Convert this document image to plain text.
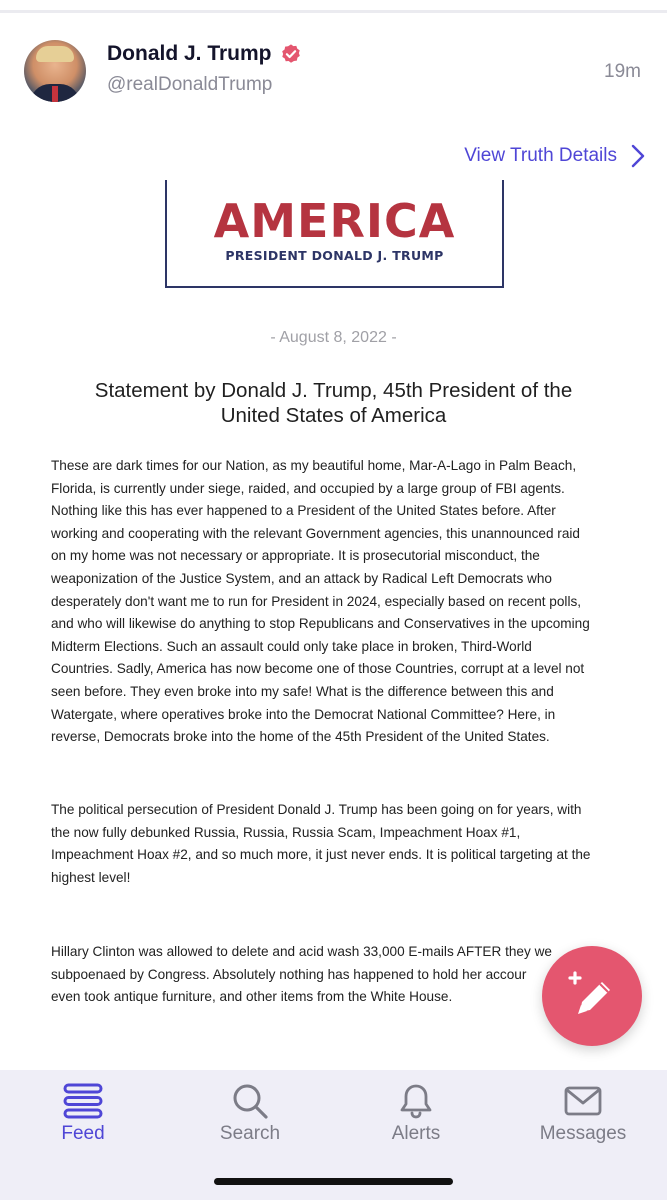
Donald J. Trump
@realDonaldTrump
19m
View Truth Details
AMERICA
PRESIDENT DONALD J. TRUMP
- August 8, 2022 -
Statement by Donald J. Trump, 45th President of the
United States of America
These are dark times for our Nation, as my beautiful home, Mar-A-Lago in Palm Beach,
Florida, is currently under siege, raided, and occupied by a large group of FBI agents.
Nothing like this has ever happened to a President of the United States before. After
working and cooperating with the relevant Government agencies, this unannounced raid
on my home was not necessary or appropriate. It is prosecutorial misconduct, the
weaponization of the Justice System, and an attack by Radical Left Democrats who
desperately don't want me to run for President in 2024, especially based on recent polls,
and who will likewise do anything to stop Republicans and Conservatives in the upcoming
Midterm Elections. Such an assault could only take place in broken, Third-World
Countries. Sadly, America has now become one of those Countries, corrupt at a level not
seen before. They even broke into my safe! What is the difference between this and
Watergate, where operatives broke into the Democrat National Committee? Here, in
reverse, Democrats broke into the home of the 45th President of the United States.
The political persecution of President Donald J. Trump has been going on for years, with
the now fully debunked Russia, Russia, Russia Scam, Impeachment Hoax #1,
Impeachment Hoax #2, and so much more, it just never ends. It is political targeting at the
highest level!
Hillary Clinton was allowed to delete and acid wash 33,000 E-mails AFTER they we
subpoenaed by Congress. Absolutely nothing has happened to hold her accour
even took antique furniture, and other items from the White House.
Feed	Search	Alerts	Messages
